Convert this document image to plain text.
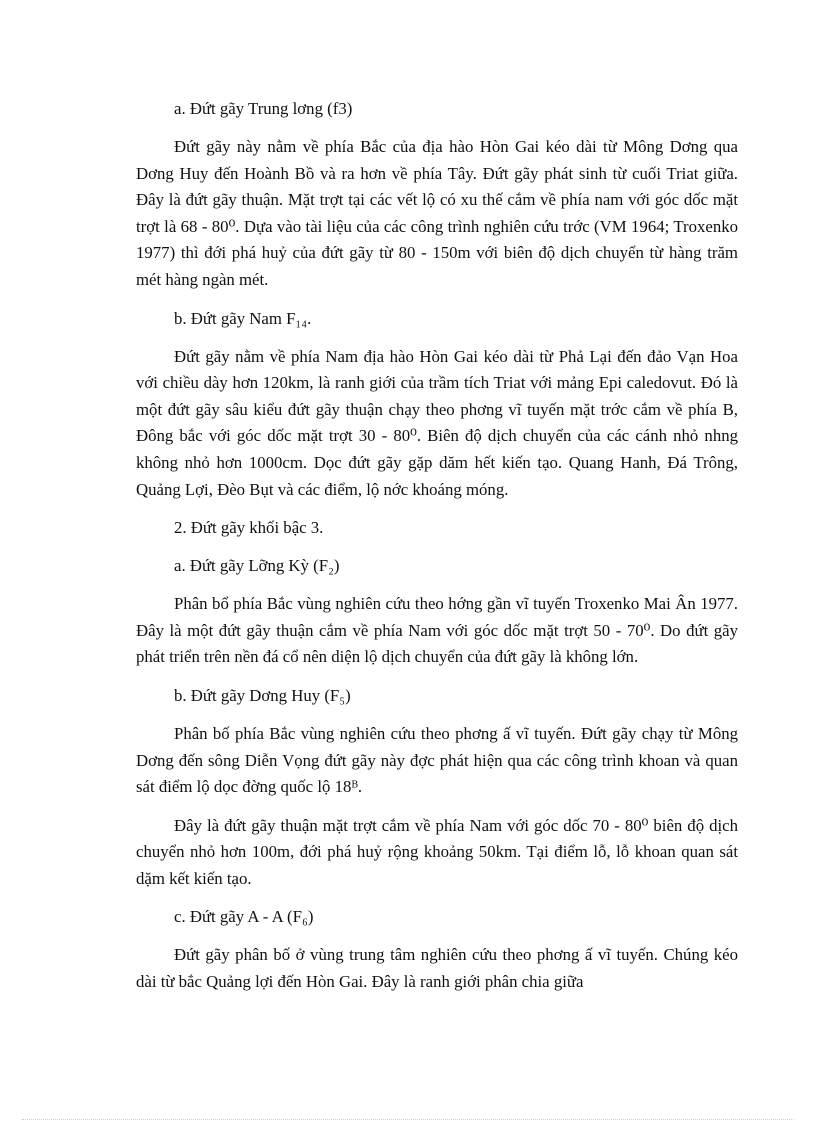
a. Đứt gãy Trung lơng (f3)

Đứt gãy này nằm về phía Bắc của địa hào Hòn Gai kéo dài từ Mông Dơng qua Dơng Huy đến Hoành Bồ và ra hơn về phía Tây. Đứt gãy phát sinh từ cuối Triat giữa. Đây là đứt gãy thuận. Mặt trợt tại các vết lộ có xu thế cắm về phía nam với góc dốc mặt trợt là 68 - 80⁰. Dựa vào tài liệu của các công trình nghiên cứu trớc (VM 1964; Troxenko 1977) thì đới phá huỷ của đứt gãy từ 80 - 150m với biên độ dịch chuyển từ hàng trăm mét hàng ngàn mét.

b. Đứt gãy Nam F₁₄.

Đứt gãy nằm về phía Nam địa hào Hòn Gai kéo dài từ Phả Lại đến đảo Vạn Hoa với chiều dày hơn 120km, là ranh giới của trầm tích Triat với mảng Epi caledovut. Đó là một đứt gãy sâu kiểu đứt gãy thuận chạy theo phơng vĩ tuyến mặt trớc cắm về phía B, Đông bắc với góc dốc mặt trợt 30 - 80⁰. Biên độ dịch chuyển của các cánh nhỏ nhng không nhỏ hơn 1000cm. Dọc đứt gãy gặp dăm hết kiến tạo. Quang Hanh, Đá Trông, Quảng Lợi, Đèo Bụt và các điểm, lộ nớc khoáng móng.

2. Đứt gãy khối bậc 3.

a. Đứt gãy Lỡng Kỳ (F₂)

Phân bổ phía Bắc vùng nghiên cứu theo hớng gần vĩ tuyến Troxenko Mai Ân 1977. Đây là một đứt gãy thuận cắm về phía Nam với góc dốc mặt trợt 50 - 70⁰. Do đứt gãy phát triển trên nền đá cổ nên diện lộ dịch chuyển của đứt gãy là không lớn.

b. Đứt gãy Dơng Huy (F₅)

Phân bố phía Bắc vùng nghiên cứu theo phơng ấ vĩ tuyến. Đứt gãy chạy từ Mông Dơng đến sông Diễn Vọng đứt gãy này đợc phát hiện qua các công trình khoan và quan sát điểm lộ dọc đờng quốc lộ 18ᴮ.

Đây là đứt gãy thuận mặt trợt cắm về phía Nam với góc dốc 70 - 80⁰ biên độ dịch chuyển nhỏ hơn 100m, đới phá huỷ rộng khoảng 50km. Tại điểm lỗ, lỗ khoan quan sát dặm kết kiến tạo.

c. Đứt gãy A - A (F₆)

Đứt gãy phân bố ở vùng trung tâm nghiên cứu theo phơng ấ vĩ tuyến. Chúng kéo dài từ bắc Quảng lợi đến Hòn Gai. Đây là ranh giới phân chia giữa
